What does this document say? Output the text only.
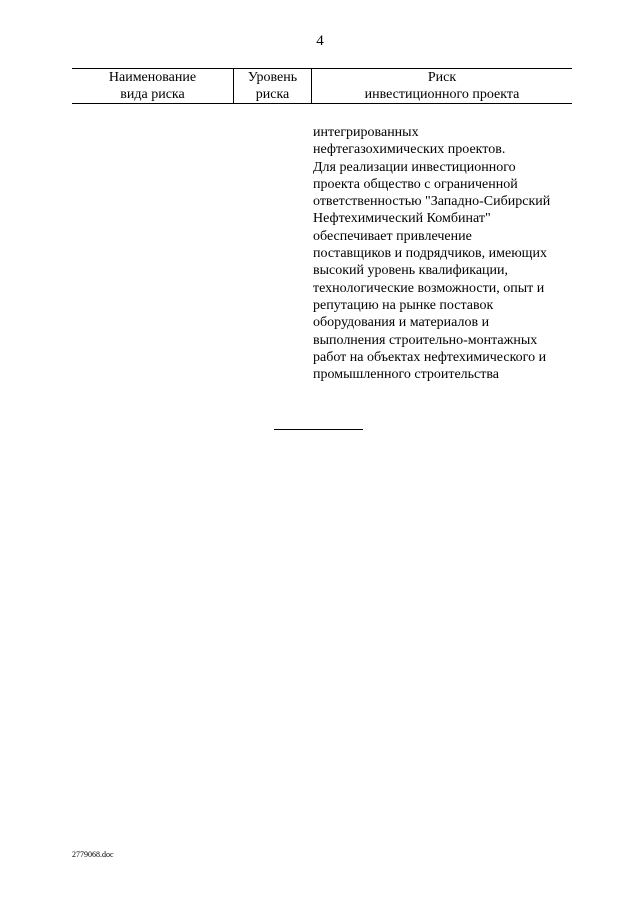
4
Наименование
вида риска
Уровень
риска
Риск
инвестиционного проекта
интегрированных
нефтегазохимических проектов.
Для реализации инвестиционного
проекта общество с ограниченной
ответственностью "Западно-Сибирский
Нефтехимический Комбинат"
обеспечивает привлечение
поставщиков и подрядчиков, имеющих
высокий уровень квалификации,
технологические возможности, опыт и
репутацию на рынке поставок
оборудования и материалов и
выполнения строительно-монтажных
работ на объектах нефтехимического и
промышленного строительства
2779068.doc
